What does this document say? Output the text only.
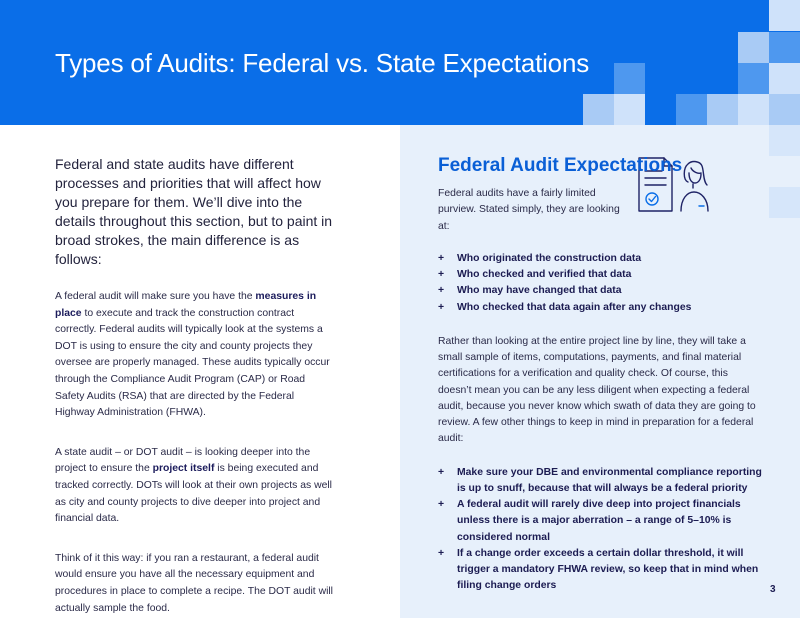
Types of Audits: Federal vs. State Expectations

Federal and state audits have different processes and priorities that will affect how you prepare for them. We’ll dive into the details throughout this section, but to paint in broad strokes, the main difference is as follows:

A federal audit will make sure you have the measures in place to execute and track the construction contract correctly. Federal audits will typically look at the systems a DOT is using to ensure the city and county projects they oversee are properly managed. These audits typically occur through the Compliance Audit Program (CAP) or Road Safety Audits (RSA) that are directed by the Federal Highway Administration (FHWA).

A state audit – or DOT audit – is looking deeper into the project to ensure the project itself is being executed and tracked correctly. DOTs will look at their own projects as well as city and county projects to dive deeper into project and financial data.

Think of it this way: if you ran a restaurant, a federal audit would ensure you have all the necessary equipment and procedures in place to complete a recipe. The DOT audit will actually sample the food.

Federal Audit Expectations

Federal audits have a fairly limited purview. Stated simply, they are looking at:

+ Who originated the construction data
+ Who checked and verified that data
+ Who may have changed that data
+ Who checked that data again after any changes

Rather than looking at the entire project line by line, they will take a small sample of items, computations, payments, and final material certifications for a verification and quality check. Of course, this doesn’t mean you can be any less diligent when expecting a federal audit, because you never know which swath of data they are going to review. A few other things to keep in mind in preparation for a federal audit:

+ Make sure your DBE and environmental compliance reporting is up to snuff, because that will always be a federal priority
+ A federal audit will rarely dive deep into project financials unless there is a major aberration – a range of 5–10% is considered normal
+ If a change order exceeds a certain dollar threshold, it will trigger a mandatory FHWA review, so keep that in mind when filing change orders	3
